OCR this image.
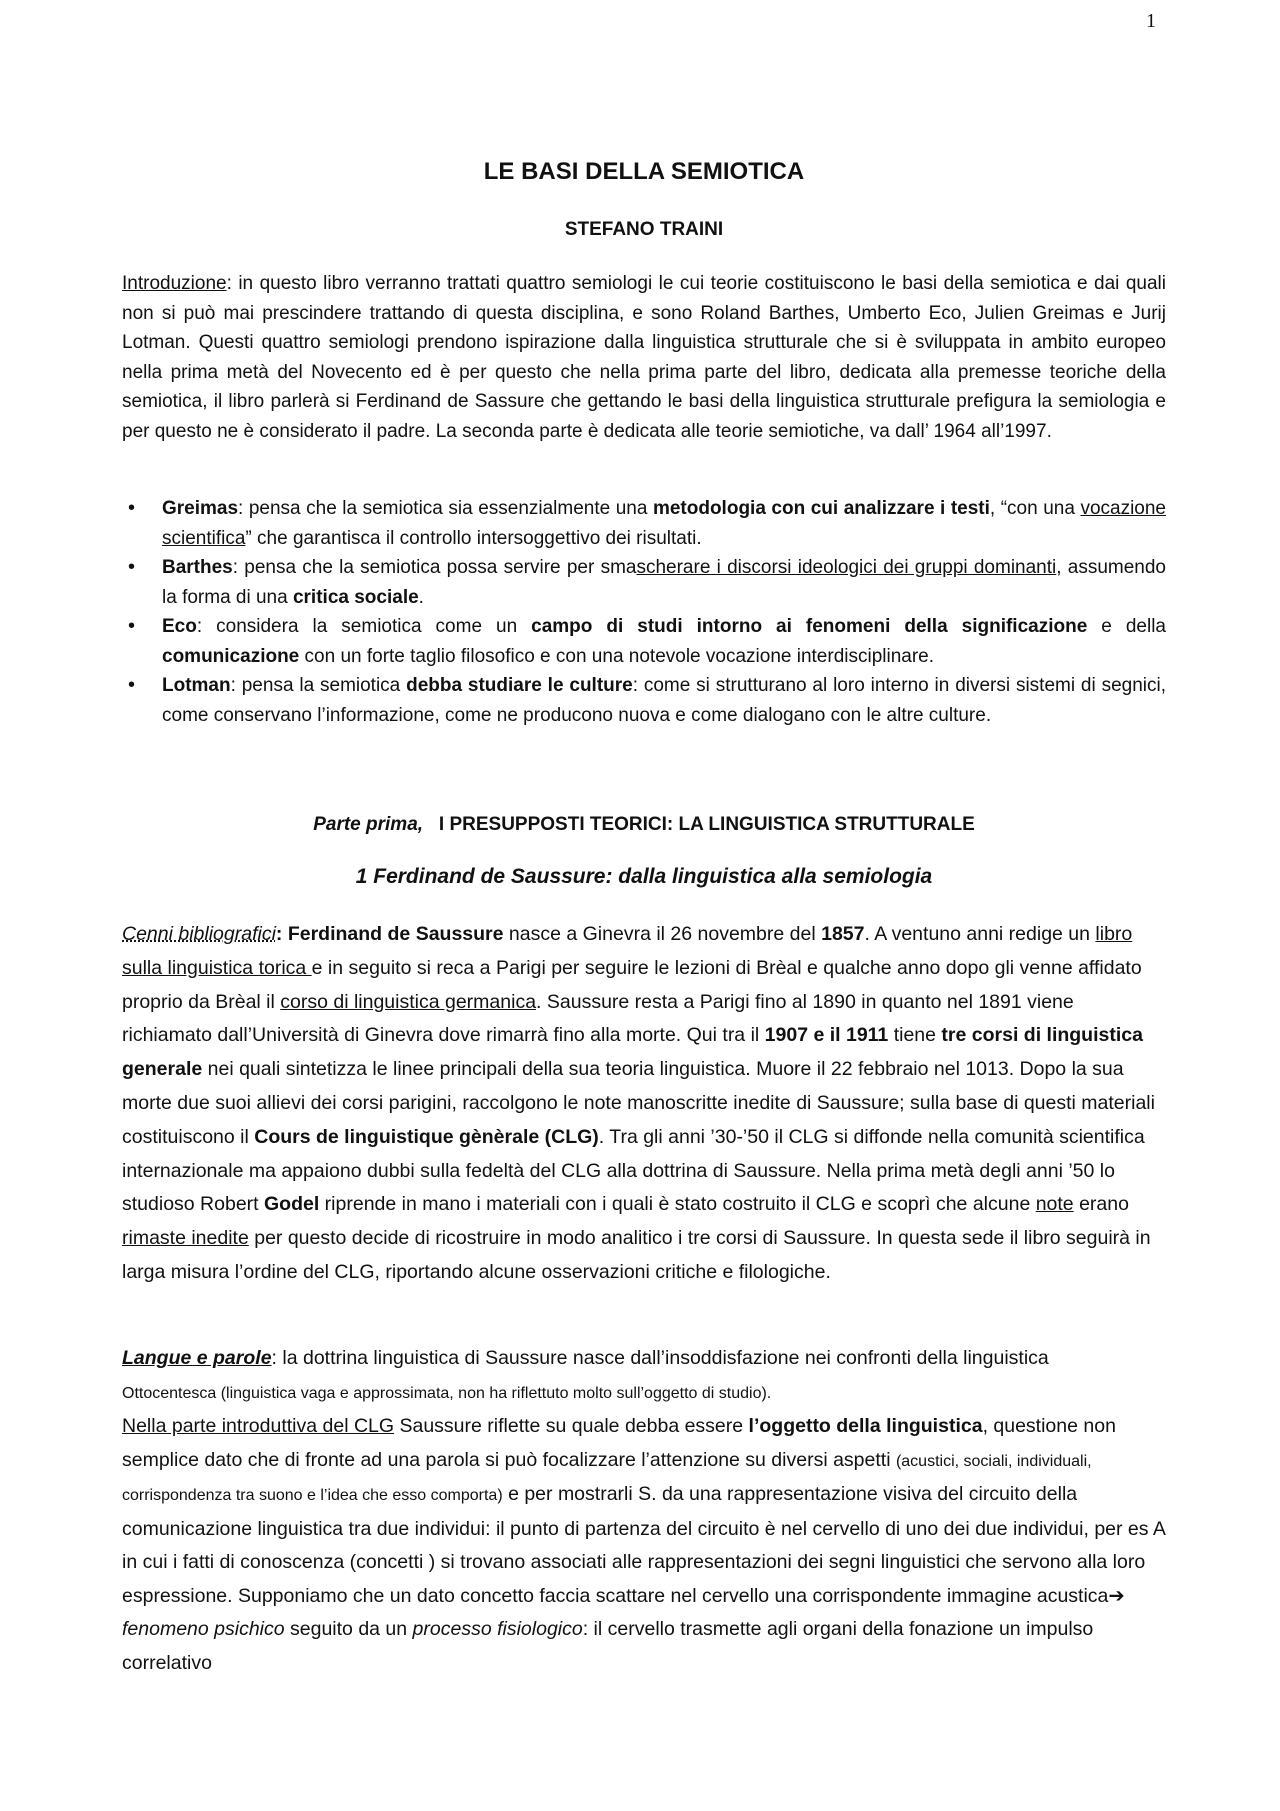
1
LE BASI DELLA SEMIOTICA
STEFANO TRAINI

Introduzione: in questo libro verranno trattati quattro semiologi le cui teorie costituiscono le basi della semiotica e dai quali non si può mai prescindere trattando di questa disciplina, e sono Roland Barthes, Umberto Eco, Julien Greimas e Jurij Lotman. Questi quattro semiologi prendono ispirazione dalla linguistica strutturale che si è sviluppata in ambito europeo nella prima metà del Novecento ed è per questo che nella prima parte del libro, dedicata alla premesse teoriche della semiotica, il libro parlerà si Ferdinand de Sassure che gettando le basi della linguistica strutturale prefigura la semiologia e per questo ne è considerato il padre. La seconda parte è dedicata alle teorie semiotiche, va dall’ 1964 all’1997.

• Greimas: pensa che la semiotica sia essenzialmente una metodologia con cui analizzare i testi, “con una vocazione scientifica” che garantisca il controllo intersoggettivo dei risultati.
• Barthes: pensa che la semiotica possa servire per smascherare i discorsi ideologici dei gruppi dominanti, assumendo la forma di una critica sociale.
• Eco: considera la semiotica come un campo di studi intorno ai fenomeni della significazione e della comunicazione con un forte taglio filosofico e con una notevole vocazione interdisciplinare.
• Lotman: pensa la semiotica debba studiare le culture: come si strutturano al loro interno in diversi sistemi di segnici, come conservano l’informazione, come ne producono nuova e come dialogano con le altre culture.
Parte prima, I PRESUPPOSTI TEORICI: LA LINGUISTICA STRUTTURALE
1 Ferdinand de Saussure: dalla linguistica alla semiologia

Cenni bibliografici: Ferdinand de Saussure nasce a Ginevra il 26 novembre del 1857. A ventuno anni redige un libro sulla linguistica torica e in seguito si reca a Parigi per seguire le lezioni di Brèal e qualche anno dopo gli venne affidato proprio da Brèal il corso di linguistica germanica. Saussure resta a Parigi fino al 1890 in quanto nel 1891 viene richiamato dall’Università di Ginevra dove rimarrà fino alla morte. Qui tra il 1907 e il 1911 tiene tre corsi di linguistica generale nei quali sintetizza le linee principali della sua teoria linguistica. Muore il 22 febbraio nel 1013. Dopo la sua morte due suoi allievi dei corsi parigini, raccolgono le note manoscritte inedite di Saussure; sulla base di questi materiali costituiscono il Cours de linguistique gènèrale (CLG). Tra gli anni ’30-’50 il CLG si diffonde nella comunità scientifica internazionale ma appaiono dubbi sulla fedeltà del CLG alla dottrina di Saussure. Nella prima metà degli anni ’50 lo studioso Robert Godel riprende in mano i materiali con i quali è stato costruito il CLG e scoprì che alcune note erano rimaste inedite per questo decide di ricostruire in modo analitico i tre corsi di Saussure. In questa sede il libro seguirà in larga misura l’ordine del CLG, riportando alcune osservazioni critiche e filologiche.

Langue e parole: la dottrina linguistica di Saussure nasce dall’insoddisfazione nei confronti della linguistica
Ottocentesca (linguistica vaga e approssimata, non ha riflettuto molto sull’oggetto di studio).
Nella parte introduttiva del CLG Saussure riflette su quale debba essere l’oggetto della linguistica, questione non semplice dato che di fronte ad una parola si può focalizzare l’attenzione su diversi aspetti (acustici, sociali, individuali, corrispondenza tra suono e l’idea che esso comporta) e per mostrarli S. da una rappresentazione visiva del circuito della comunicazione linguistica tra due individui: il punto di partenza del circuito è nel cervello di uno dei due individui, per es A in cui i fatti di conoscenza (concetti ) si trovano associati alle rappresentazioni dei segni linguistici che servono alla loro espressione. Supponiamo che un dato concetto faccia scattare nel cervello una corrispondente immagine acustica➔ fenomeno psichico seguito da un processo fisiologico: il cervello trasmette agli organi della fonazione un impulso correlativo
